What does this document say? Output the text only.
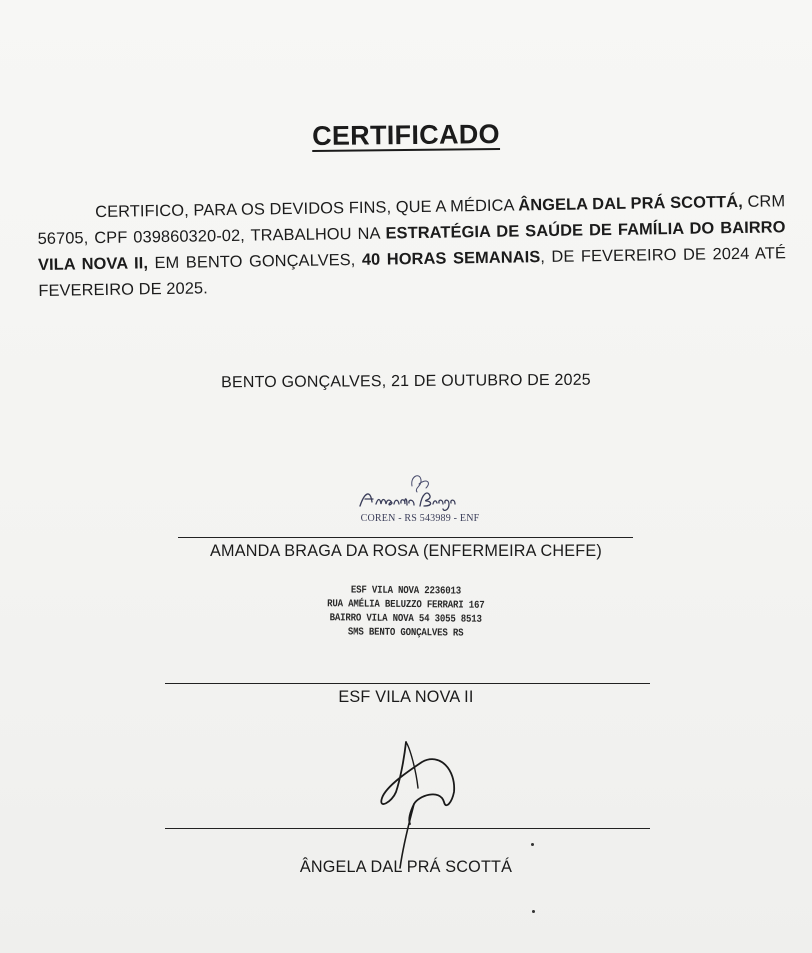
CERTIFICADO
CERTIFICO, PARA OS DEVIDOS FINS, QUE A MÉDICA ÂNGELA DAL PRÁ SCOTTÁ, CRM 56705, CPF 039860320-02, TRABALHOU NA ESTRATÉGIA DE SAÚDE DE FAMÍLIA DO BAIRRO VILA NOVA II, EM BENTO GONÇALVES, 40 HORAS SEMANAIS, DE FEVEREIRO DE 2024 ATÉ FEVEREIRO DE 2025.
BENTO GONÇALVES, 21 DE OUTUBRO DE 2025
COREN - RS 543989 - ENF
AMANDA BRAGA DA ROSA (ENFERMEIRA CHEFE)
ESF VILA NOVA 2236013
RUA AMÉLIA BELUZZO FERRARI 167
BAIRRO VILA NOVA 54 3055 8513
SMS BENTO GONÇALVES RS
ESF VILA NOVA II
ÂNGELA DAL PRÁ SCOTTÁ
